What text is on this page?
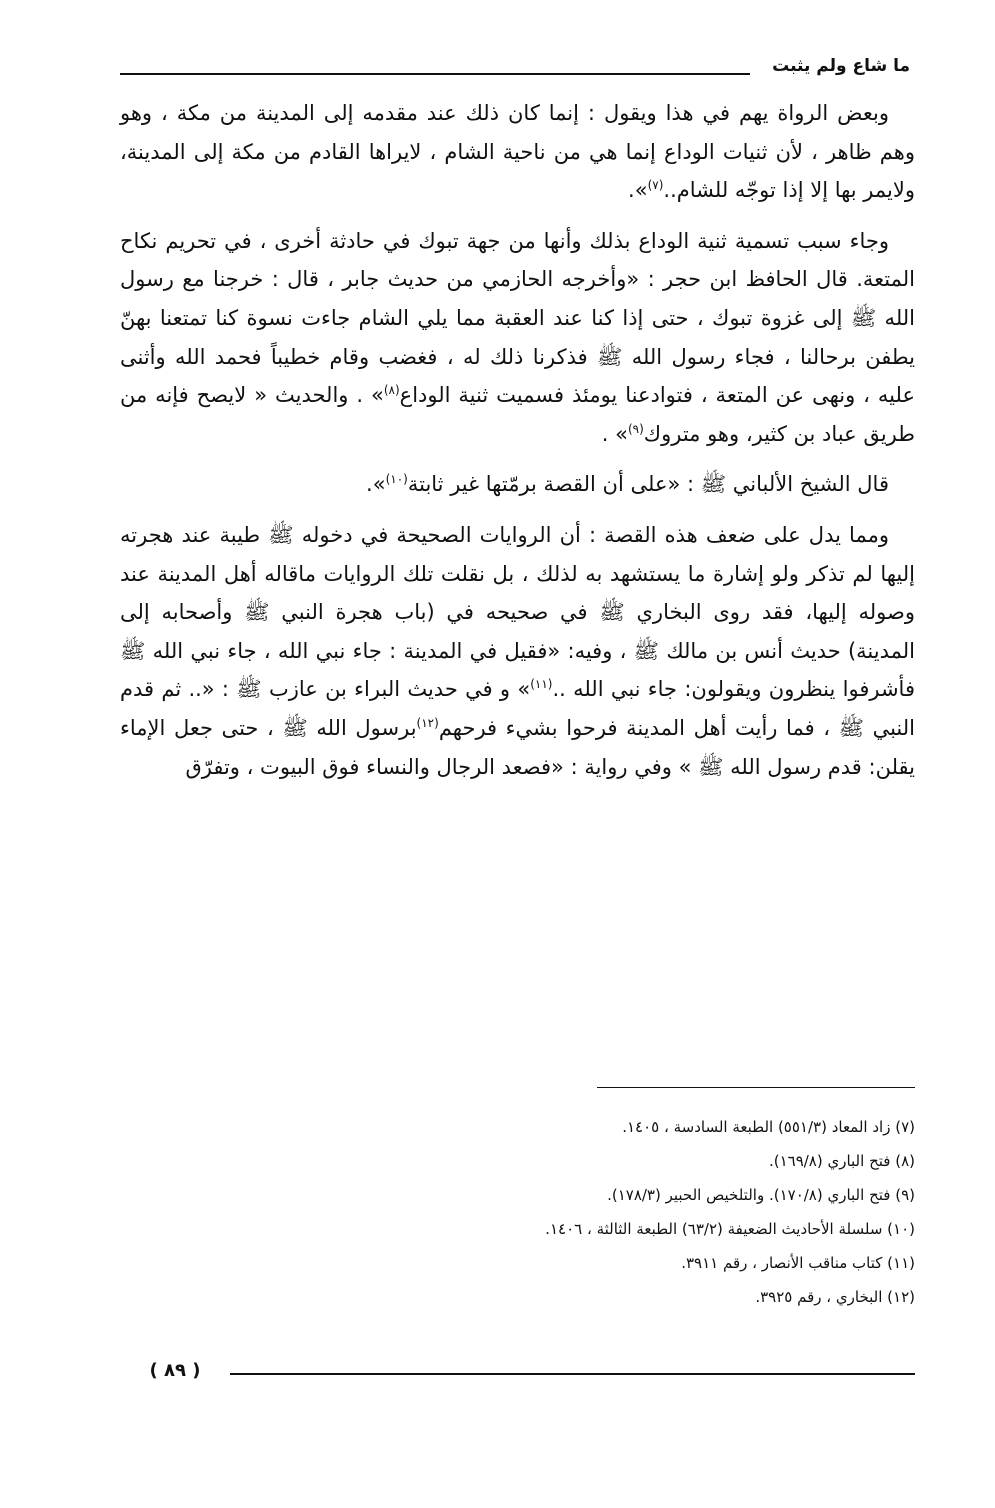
ما شاع ولم يثبت

وبعض الرواة يهم في هذا ويقول : إنما كان ذلك عند مقدمه إلى المدينة من مكة ، وهو وهم ظاهر ، لأن ثنيات الوداع إنما هي من ناحية الشام ، لايراها القادم من مكة إلى المدينة، ولايمر بها إلا إذا توجّه للشام..$^{(٧)}$».

وجاء سبب تسمية ثنية الوداع بذلك وأنها من جهة تبوك في حادثة أخرى ، في تحريم نكاح المتعة. قال الحافظ ابن حجر : «وأخرجه الحازمي من حديث جابر ، قال : خرجنا مع رسول الله ﷺ إلى غزوة تبوك ، حتى إذا كنا عند العقبة مما يلي الشام جاءت نسوة كنا تمتعنا بهنّ يطفن برحالنا ، فجاء رسول الله ﷺ فذكرنا ذلك له ، فغضب وقام خطيباً فحمد الله وأثنى عليه ، ونهى عن المتعة ، فتوادعنا يومئذ فسميت ثنية الوداع$^{(٨)}$» . والحديث « لايصح فإنه من طريق عباد بن كثير، وهو متروك$^{(٩)}$» .

قال الشيخ الألباني ﷺ : «على أن القصة برمّتها غير ثابتة$^{(١٠)}$».

ومما يدل على ضعف هذه القصة : أن الروايات الصحيحة في دخوله ﷺ طيبة عند هجرته إليها لم تذكر ولو إشارة ما يستشهد به لذلك ، بل نقلت تلك الروايات ماقاله أهل المدينة عند وصوله إليها، فقد روى البخاري ﷺ في صحيحه في (باب هجرة النبي ﷺ وأصحابه إلى المدينة) حديث أنس بن مالك ﷺ ، وفيه: «فقيل في المدينة : جاء نبي الله ، جاء نبي الله ﷺ فأشرفوا ينظرون ويقولون: جاء نبي الله ..$^{(١١)}$» و في حديث البراء بن عازب ﷺ : «.. ثم قدم النبي ﷺ ، فما رأيت أهل المدينة فرحوا بشيء فرحهم$^{(١٢)}$برسول الله ﷺ ، حتى جعل الإماء يقلن: قدم رسول الله ﷺ » وفي رواية : «فصعد الرجال والنساء فوق البيوت ، وتفرّق

(٧) زاد المعاد (٥٥١/٣) الطبعة السادسة ، ١٤٠٥.
(٨) فتح الباري (١٦٩/٨).
(٩) فتح الباري (١٧٠/٨). والتلخيص الحبير (١٧٨/٣).
(١٠) سلسلة الأحاديث الضعيفة (٦٣/٢) الطبعة الثالثة ، ١٤٠٦.
(١١) كتاب مناقب الأنصار ، رقم ٣٩١١.
(١٢) البخاري ، رقم ٣٩٢٥.
( ٨٩ )
